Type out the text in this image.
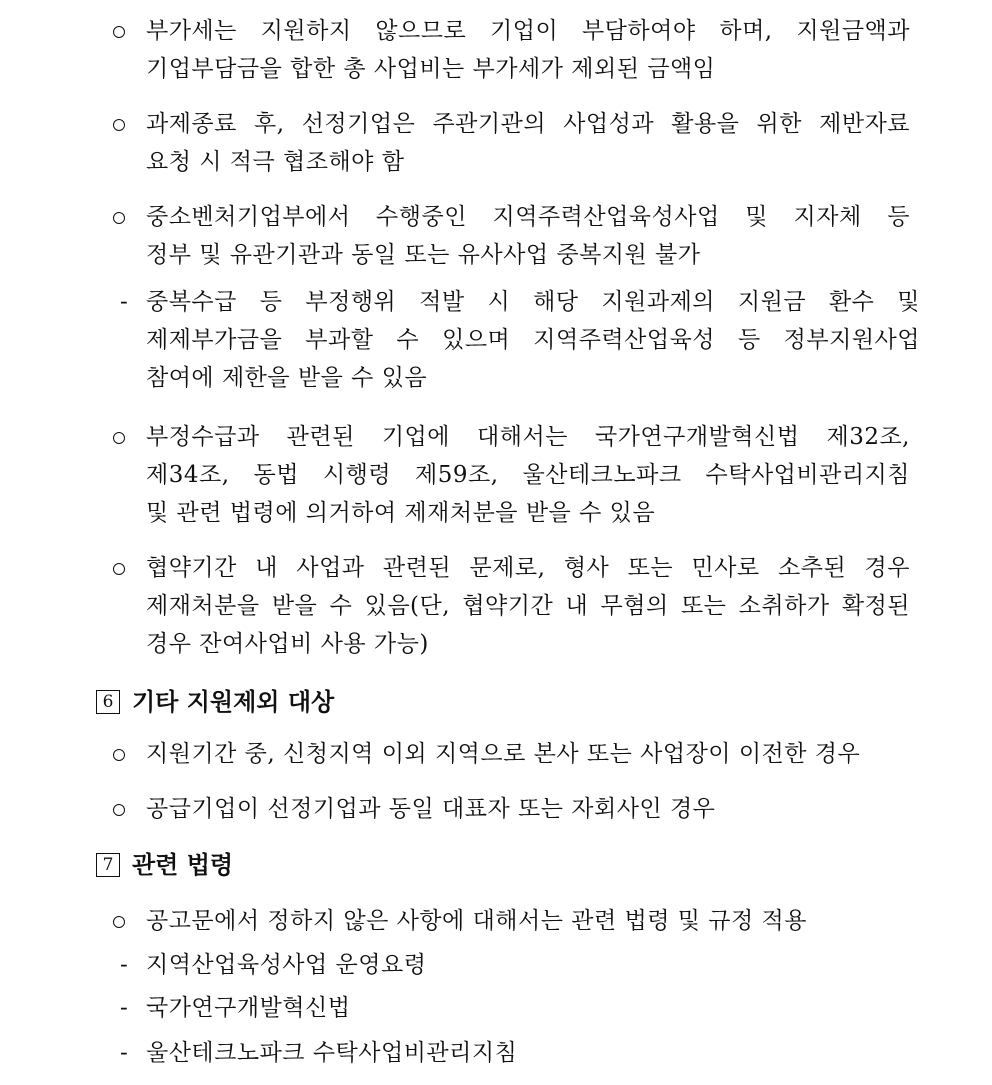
부가세는 지원하지 않으므로 기업이 부담하여야 하며, 지원금액과
기업부담금을 합한 총 사업비는 부가세가 제외된 금액임
과제종료 후, 선정기업은 주관기관의 사업성과 활용을 위한 제반자료
요청 시 적극 협조해야 함
중소벤처기업부에서 수행중인 지역주력산업육성사업 및 지자체 등
정부 및 유관기관과 동일 또는 유사사업 중복지원 불가
- 중복수급 등 부정행위 적발 시 해당 지원과제의 지원금 환수 및
제제부가금을 부과할 수 있으며 지역주력산업육성 등 정부지원사업
참여에 제한을 받을 수 있음
부정수급과 관련된 기업에 대해서는 국가연구개발혁신법 제32조,
제34조, 동법 시행령 제59조, 울산테크노파크 수탁사업비관리지침
및 관련 법령에 의거하여 제재처분을 받을 수 있음
협약기간 내 사업과 관련된 문제로, 형사 또는 민사로 소추된 경우
제재처분을 받을 수 있음(단, 협약기간 내 무혐의 또는 소취하가 확정된
경우 잔여사업비 사용 가능)
6 기타 지원제외 대상
지원기간 중, 신청지역 이외 지역으로 본사 또는 사업장이 이전한 경우
공급기업이 선정기업과 동일 대표자 또는 자회사인 경우
7 관련 법령
공고문에서 정하지 않은 사항에 대해서는 관련 법령 및 규정 적용
- 지역산업육성사업 운영요령
- 국가연구개발혁신법
- 울산테크노파크 수탁사업비관리지침
